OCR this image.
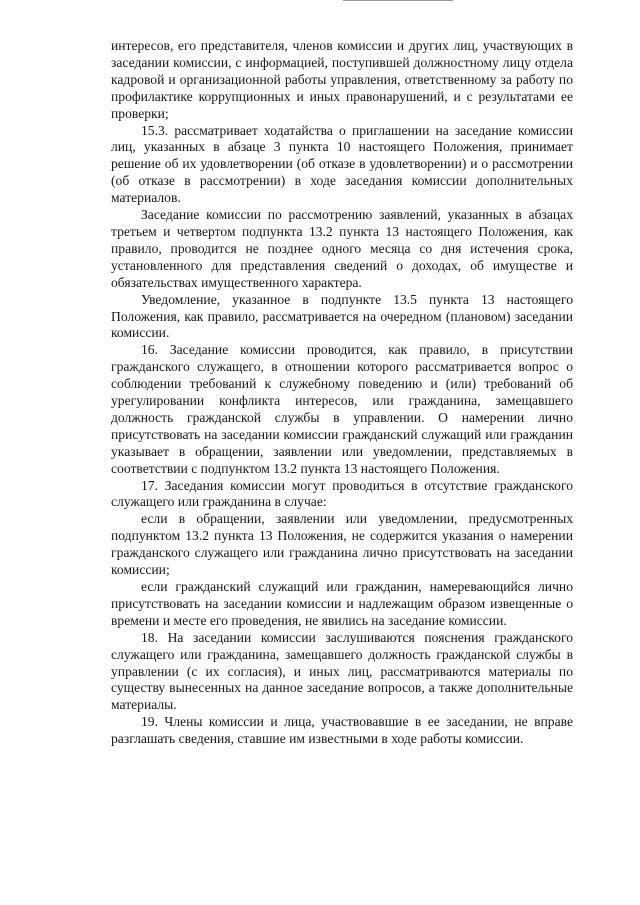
интересов, его представителя, членов комиссии и других лиц, участвующих в заседании комиссии, с информацией, поступившей должностному лицу отдела кадровой и организационной работы управления, ответственному за работу по профилактике коррупционных и иных правонарушений, и с результатами ее проверки;

15.3. рассматривает ходатайства о приглашении на заседание комиссии лиц, указанных в абзаце 3 пункта 10 настоящего Положения, принимает решение об их удовлетворении (об отказе в удовлетворении) и о рассмотрении (об отказе в рассмотрении) в ходе заседания комиссии дополнительных материалов.

Заседание комиссии по рассмотрению заявлений, указанных в абзацах третьем и четвертом подпункта 13.2 пункта 13 настоящего Положения, как правило, проводится не позднее одного месяца со дня истечения срока, установленного для представления сведений о доходах, об имуществе и обязательствах имущественного характера.

Уведомление, указанное в подпункте 13.5 пункта 13 настоящего Положения, как правило, рассматривается на очередном (плановом) заседании комиссии.

16. Заседание комиссии проводится, как правило, в присутствии гражданского служащего, в отношении которого рассматривается вопрос о соблюдении требований к служебному поведению и (или) требований об урегулировании конфликта интересов, или гражданина, замещавшего должность гражданской службы в управлении. О намерении лично присутствовать на заседании комиссии гражданский служащий или гражданин указывает в обращении, заявлении или уведомлении, представляемых в соответствии с подпунктом 13.2 пункта 13 настоящего Положения.

17. Заседания комиссии могут проводиться в отсутствие гражданского служащего или гражданина в случае:

если в обращении, заявлении или уведомлении, предусмотренных подпунктом 13.2 пункта 13 Положения, не содержится указания о намерении гражданского служащего или гражданина лично присутствовать на заседании комиссии;

если гражданский служащий или гражданин, намеревающийся лично присутствовать на заседании комиссии и надлежащим образом извещенные о времени и месте его проведения, не явились на заседание комиссии.

18. На заседании комиссии заслушиваются пояснения гражданского служащего или гражданина, замещавшего должность гражданской службы в управлении (с их согласия), и иных лиц, рассматриваются материалы по существу вынесенных на данное заседание вопросов, а также дополнительные материалы.

19. Члены комиссии и лица, участвовавшие в ее заседании, не вправе разглашать сведения, ставшие им известными в ходе работы комиссии.
